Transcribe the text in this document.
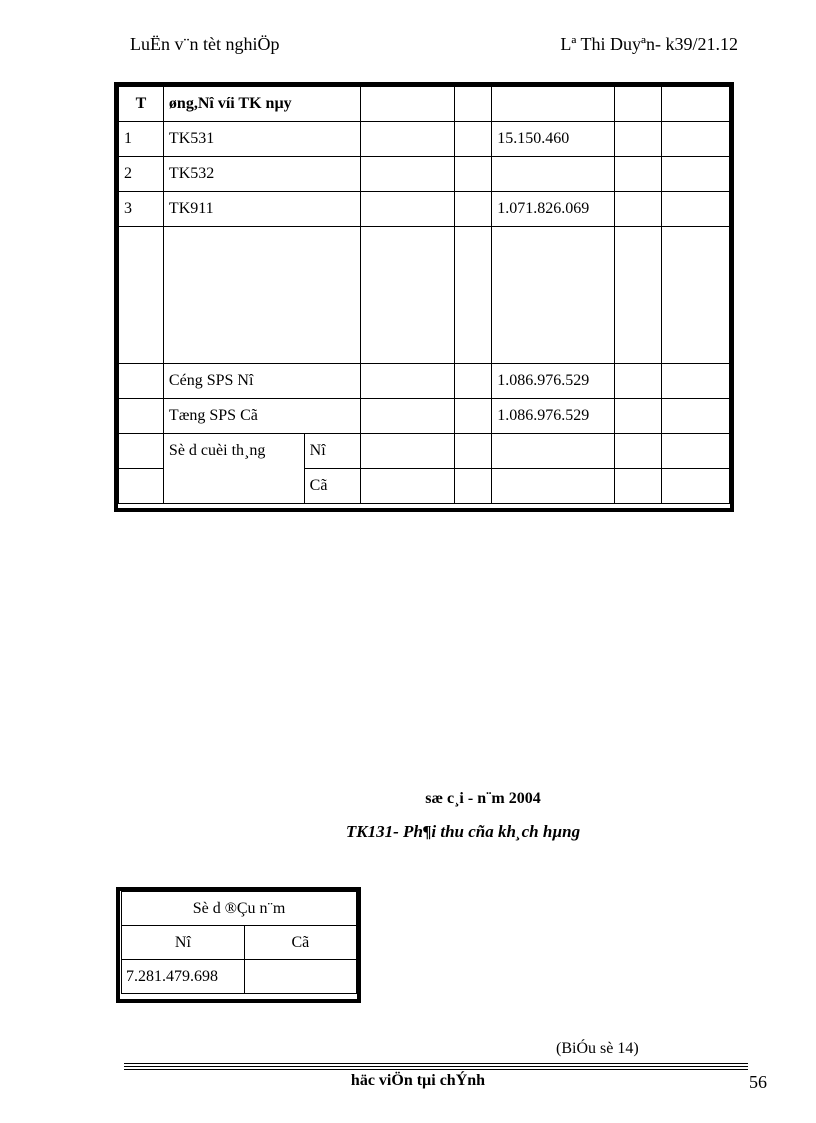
LuËn v¨n tèt nghiÖp	Lª Thi Duyªn- k39/21.12
T	øng,Nî víi TK nµy						
1	TK531				15.150.460		
2	TK532						
3	TK911				1.071.826.069		

	Céng SPS Nî				1.086.976.529		
	Tæng SPS Cã				1.086.976.529		
	Sè d cuèi th¸ng	Nî					
		Cã					
sæ c¸i - n¨m 2004
TK131- Ph¶i thu cña kh¸ch hµng
Sè d ®Çu n¨m	
Nî	Cã
7.281.479.698	
(BiÓu sè 14)
häc viÖn tµi chÝnh	56
